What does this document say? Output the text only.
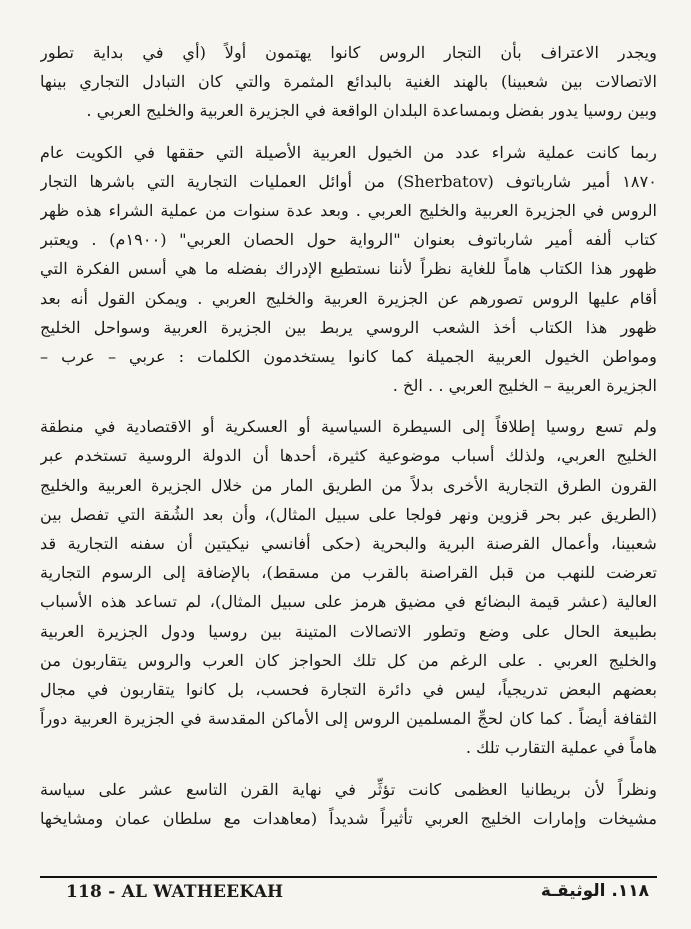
ويجدر الاعتراف بأن التجار الروس كانوا يهتمون أولاً (أي في بداية تطور
الاتصالات بين شعبينا) بالهند الغنية بالبدائع المثمرة والتي كان التبادل التجاري بينها
وبين روسيا يدور بفضل وبمساعدة البلدان الواقعة في الجزيرة العربية والخليج العربي .
ربما كانت عملية شراء عدد من الخيول العربية الأصيلة التي حققها في الكويت عام
١٨٧٠ أمير شارباتوف (Sherbatov) من أوائل العمليات التجارية التي باشرها التجار
الروس في الجزيرة العربية والخليج العربي . وبعد عدة سنوات من عملية الشراء هذه ظهر
كتاب ألفه أمير شارباتوف بعنوان "الرواية حول الحصان العربي" (١٩٠٠م) . ويعتبر
ظهور هذا الكتاب هاماً للغاية نظراً لأننا نستطيع الإدراك بفضله ما هي أسس الفكرة التي
أقام عليها الروس تصورهم عن الجزيرة العربية والخليج العربي . ويمكن القول أنه بعد
ظهور هذا الكتاب أخذ الشعب الروسي يربط بين الجزيرة العربية وسواحل الخليج
ومواطن الخيول العربية الجميلة كما كانوا يستخدمون الكلمات : عربي – عرب –
الجزيرة العربية – الخليج العربي . . الخ .
ولم تسع روسيا إطلاقاً إلى السيطرة السياسية أو العسكرية أو الاقتصادية في منطقة
الخليج العربي، ولذلك أسباب موضوعية كثيرة، أحدها أن الدولة الروسية تستخدم عبر
القرون الطرق التجارية الأخرى بدلاً من الطريق المار من خلال الجزيرة العربية والخليج
(الطريق عبر بحر قزوين ونهر فولجا على سبيل المثال)، وأن بعد الشُقة التي تفصل بين
شعبينا، وأعمال القرصنة البرية والبحرية (حكى أفانسي نيكيتين أن سفنه التجارية قد
تعرضت للنهب من قبل القراصنة بالقرب من مسقط)، بالإضافة إلى الرسوم التجارية
العالية (عشر قيمة البضائع في مضيق هرمز على سبيل المثال)، لم تساعد هذه الأسباب
بطبيعة الحال على وضع وتطور الاتصالات المتينة بين روسيا ودول الجزيرة العربية
والخليج العربي . على الرغم من كل تلك الحواجز كان العرب والروس يتقاربون من
بعضهم البعض تدريجياً، ليس في دائرة التجارة فحسب، بل كانوا يتقاربون في مجال
الثقافة أيضاً . كما كان لحجِّ المسلمين الروس إلى الأماكن المقدسة في الجزيرة العربية دوراً
هاماً في عملية التقارب تلك .
ونظراً لأن بريطانيا العظمى كانت تؤثِّر في نهاية القرن التاسع عشر على سياسة
مشيخات وإمارات الخليج العربي تأثيراً شديداً (معاهدات مع سلطان عمان ومشايخها
118 - AL WATHEEKAH	١١٨. الوثيقـة
